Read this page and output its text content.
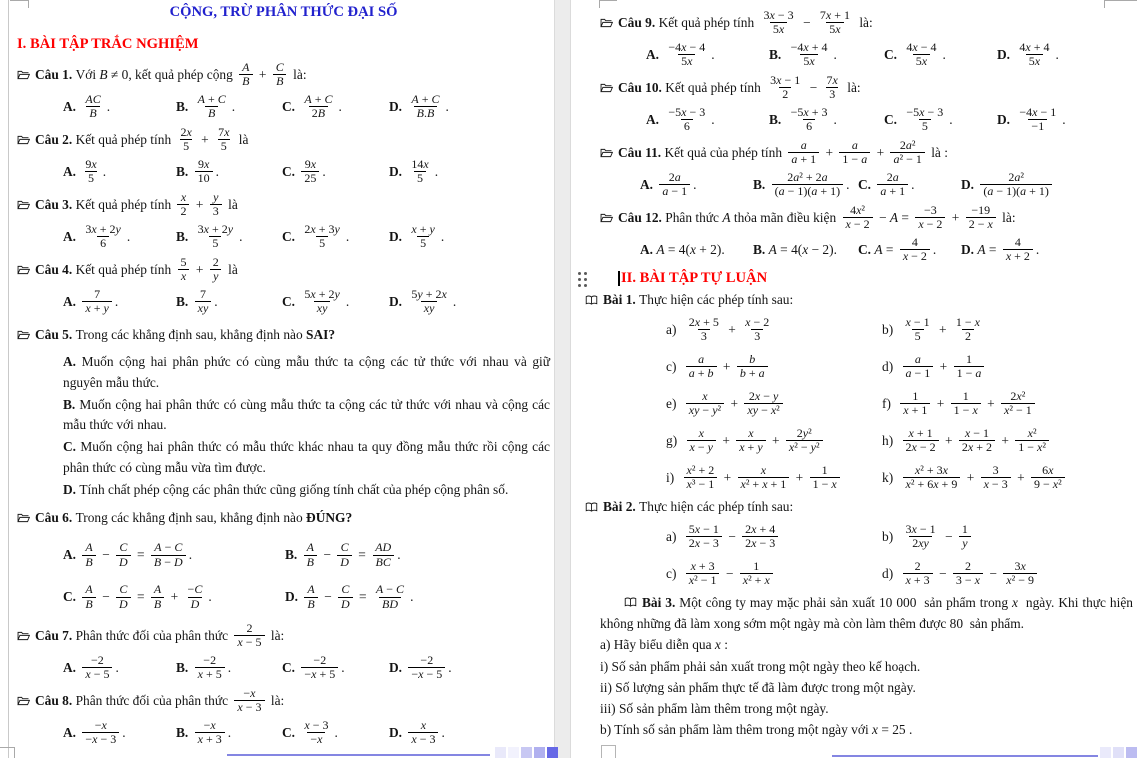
CỘNG, TRỪ PHÂN THỨC ĐẠI SỐ
I. BÀI TẬP TRẮC NGHIỆM
Câu 1. Với B ≠ 0 , kết quả phép cộng $\frac{A}{B} + \frac{C}{B}$ là:
A. $\frac{AC}{B}$ .	B. $\frac{A + C}{B}$ .	C. $\frac{A + C}{2B}$ .	D. $\frac{A + C}{B.B}$ .
Câu 2. Kết quả phép tính $\frac{2x}{5} + \frac{7x}{5}$ là
A. $\frac{9x}{5}$ .	B. $\frac{9x}{10}$ .	C. $\frac{9x}{25}$ .	D. $\frac{14x}{5}$ .
Câu 3. Kết quả phép tính $\frac{x}{2} + \frac{y}{3}$ là
A. $\frac{3x + 2y}{6}$ .	B. $\frac{3x + 2y}{5}$ .	C. $\frac{2x + 3y}{5}$ .	D. $\frac{x + y}{5}$ .
Câu 4. Kết quả phép tính $\frac{5}{x} + \frac{2}{y}$ là
A. $\frac{7}{x + y}$ .	B. $\frac{7}{xy}$ .	C. $\frac{5x + 2y}{xy}$ .	D. $\frac{5y + 2x}{xy}$ .
Câu 5. Trong các khẳng định sau, khẳng định nào SAI?
A. Muốn cộng hai phân phức có cùng mẫu thức ta cộng các tử thức với nhau và giữ nguyên mẫu thức.
B. Muốn cộng hai phân thức có cùng mẫu thức ta cộng các tử thức với nhau và cộng các mẫu thức với nhau.
C. Muốn cộng hai phân thức có mẫu thức khác nhau ta quy đồng mẫu thức rồi cộng các phân thức có cùng mẫu vừa tìm được.
D. Tính chất phép cộng các phân thức cũng giống tính chất của phép cộng phân số.
Câu 6. Trong các khẳng định sau, khẳng định nào ĐÚNG?
A. $\frac{A}{B} - \frac{C}{D} = \frac{A - C}{B - D}$ .	B. $\frac{A}{B} - \frac{C}{D} = \frac{AD}{BC}$ .
C. $\frac{A}{B} - \frac{C}{D} = \frac{A}{B} + \frac{-C}{D}$ .	D. $\frac{A}{B} - \frac{C}{D} = \frac{A - C}{BD}$ .
Câu 7. Phân thức đối của phân thức $\frac{2}{x - 5}$ là:
A. $\frac{-2}{x - 5}$ .	B. $\frac{-2}{x + 5}$ .	C. $\frac{-2}{-x + 5}$ .	D. $\frac{-2}{-x - 5}$ .
Câu 8. Phân thức đối của phân thức $\frac{-x}{x - 3}$ là:
A. $\frac{-x}{-x - 3}$ .	B. $\frac{-x}{x + 3}$ .	C. $\frac{x - 3}{-x}$ .	D. $\frac{x}{x - 3}$ .
Câu 9. Kết quả phép tính $\frac{3x - 3}{5x} - \frac{7x + 1}{5x}$ là:
A. $\frac{-4x - 4}{5x}$ .	B. $\frac{-4x + 4}{5x}$ .	C. $\frac{4x - 4}{5x}$ .	D. $\frac{4x + 4}{5x}$ .
Câu 10. Kết quả phép tính $\frac{3x - 1}{2} - \frac{7x}{3}$ là:
A. $\frac{-5x - 3}{6}$ .	B. $\frac{-5x + 3}{6}$ .	C. $\frac{-5x - 3}{5}$ .	D. $\frac{-4x - 1}{-1}$ .
Câu 11. Kết quả của phép tính $\frac{a}{a + 1} + \frac{a}{1 - a} + \frac{\text{2a²}}{\text{a² − 1}}$ là :
A. $\frac{2a}{a - 1}$ .	B. $\frac{\text{2a² + 2a}}{(a - 1)(a + 1)}$ . C. $\frac{2a}{a + 1}$ .	D. $\frac{\text{2a²}}{(a - 1)(a + 1)}$
Câu 12. Phân thức A thỏa mãn điều kiện $\frac{\text{4x²}}{x - 2} - A = \frac{-3}{x - 2} + \frac{-19}{2 - x}$ là:
A. A = 4(x + 2) . B. A = 4(x − 2) . C. $A = \frac{4}{x - 2}$ . D. $A = \frac{4}{x + 2}$ .
II. BÀI TẬP TỰ LUẬN
Bài 1. Thực hiện các phép tính sau:
$a) \frac{2x + 5}{3} + \frac{x - 2}{3}$	$b) \frac{x - 1}{5} + \frac{1 - x}{2}$
$c) \frac{a}{a + b} + \frac{b}{b + a}$	$d) \frac{a}{a - 1} + \frac{1}{1 - a}$
$e) \frac{x}{\text{xy − y²}} + \frac{2x - y}{\text{xy − x²}}$	$f) \frac{1}{x + 1} + \frac{1}{1 - x} + \frac{\text{2x²}}{\text{x² − 1}}$
$g) \frac{x}{x - y} + \frac{x}{x + y} + \frac{\text{2y²}}{\text{x² − y²}}$	$h) \frac{x + 1}{2x - 2} + \frac{x - 1}{2x + 2} + \frac{\text{x²}}{\text{1 − x²}}$
$i) \frac{\text{x² + 2}}{\text{x³ − 1}} + \frac{x}{\text{x² + x + 1}} + \frac{1}{1 - x}$	$k) \frac{\text{x² + 3x}}{\text{x² + 6x + 9}} + \frac{3}{x - 3} + \frac{6x}{\text{9 − x²}}$
Bài 2. Thực hiện các phép tính sau:
$a) \frac{5x - 1}{2x - 3} - \frac{2x + 4}{2x - 3}$	$b) \frac{3x - 1}{2xy} - \frac{1}{y}$
$c) \frac{x + 3}{\text{x² − 1}} - \frac{1}{\text{x² + x}}$	$d) \frac{2}{x + 3} - \frac{2}{3 - x} - \frac{3x}{\text{x² − 9}}$
Bài 3. Một công ty may mặc phải sản xuất 10 000  sản phẩm trong x  ngày. Khi thực hiện không những đã làm xong sớm một ngày mà còn làm thêm được 80  sản phẩm.
a) Hãy biểu diễn qua x :
i) Số sản phẩm phải sản xuất trong một ngày theo kế hoạch.
ii) Số lượng sản phẩm thực tế đã làm được trong một ngày.
iii) Số sản phẩm làm thêm trong một ngày.
b) Tính số sản phẩm làm thêm trong một ngày với x = 25 .
